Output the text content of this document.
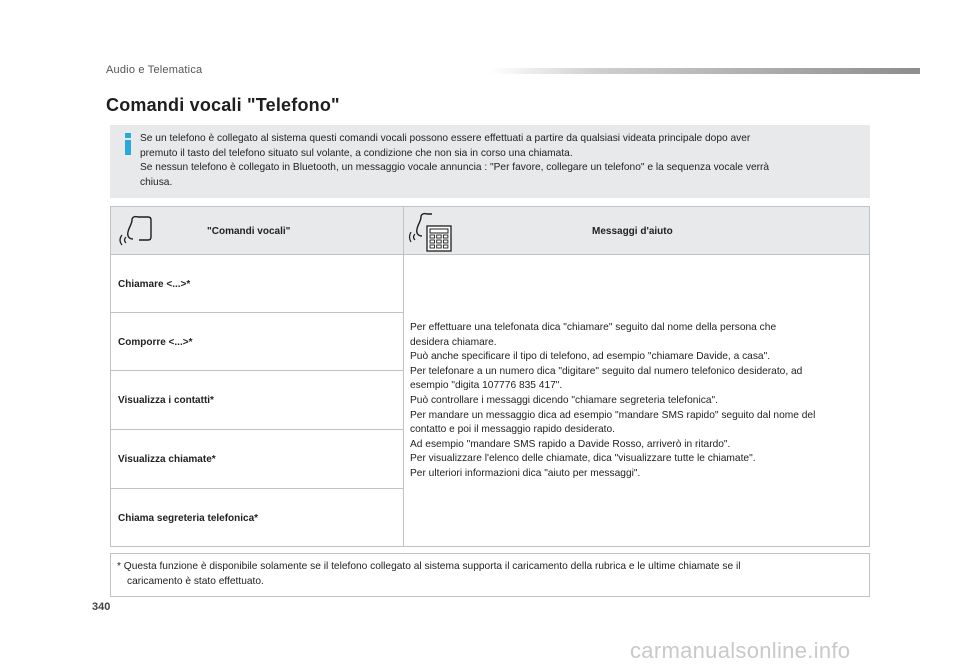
Audio e Telematica
Comandi vocali "Telefono"
Se un telefono è collegato al sistema questi comandi vocali possono essere effettuati a partire da qualsiasi videata principale dopo aver
premuto il tasto del telefono situato sul volante, a condizione che non sia in corso una chiamata.
Se nessun telefono è collegato in Bluetooth, un messaggio vocale annuncia : "Per favore, collegare un telefono" e la sequenza vocale verrà
chiusa.
"Comandi vocali"	Messaggi d'aiuto
Chiamare <...>*
Comporre <...>*
Visualizza i contatti*
Visualizza chiamate*
Chiama segreteria telefonica*
Per effettuare una telefonata dica "chiamare" seguito dal nome della persona che
desidera chiamare.
Può anche specificare il tipo di telefono, ad esempio "chiamare Davide, a casa".
Per telefonare a un numero dica "digitare" seguito dal numero telefonico desiderato, ad
esempio "digita 107776 835 417".
Può controllare i messaggi dicendo "chiamare segreteria telefonica".
Per mandare un messaggio dica ad esempio "mandare SMS rapido" seguito dal nome del
contatto e poi il messaggio rapido desiderato.
Ad esempio "mandare SMS rapido a Davide Rosso, arriverò in ritardo".
Per visualizzare l'elenco delle chiamate, dica "visualizzare tutte le chiamate".
Per ulteriori informazioni dica "aiuto per messaggi".
* Questa funzione è disponibile solamente se il telefono collegato al sistema supporta il caricamento della rubrica e le ultime chiamate se il
caricamento è stato effettuato.
340
carmanualsonline.info
